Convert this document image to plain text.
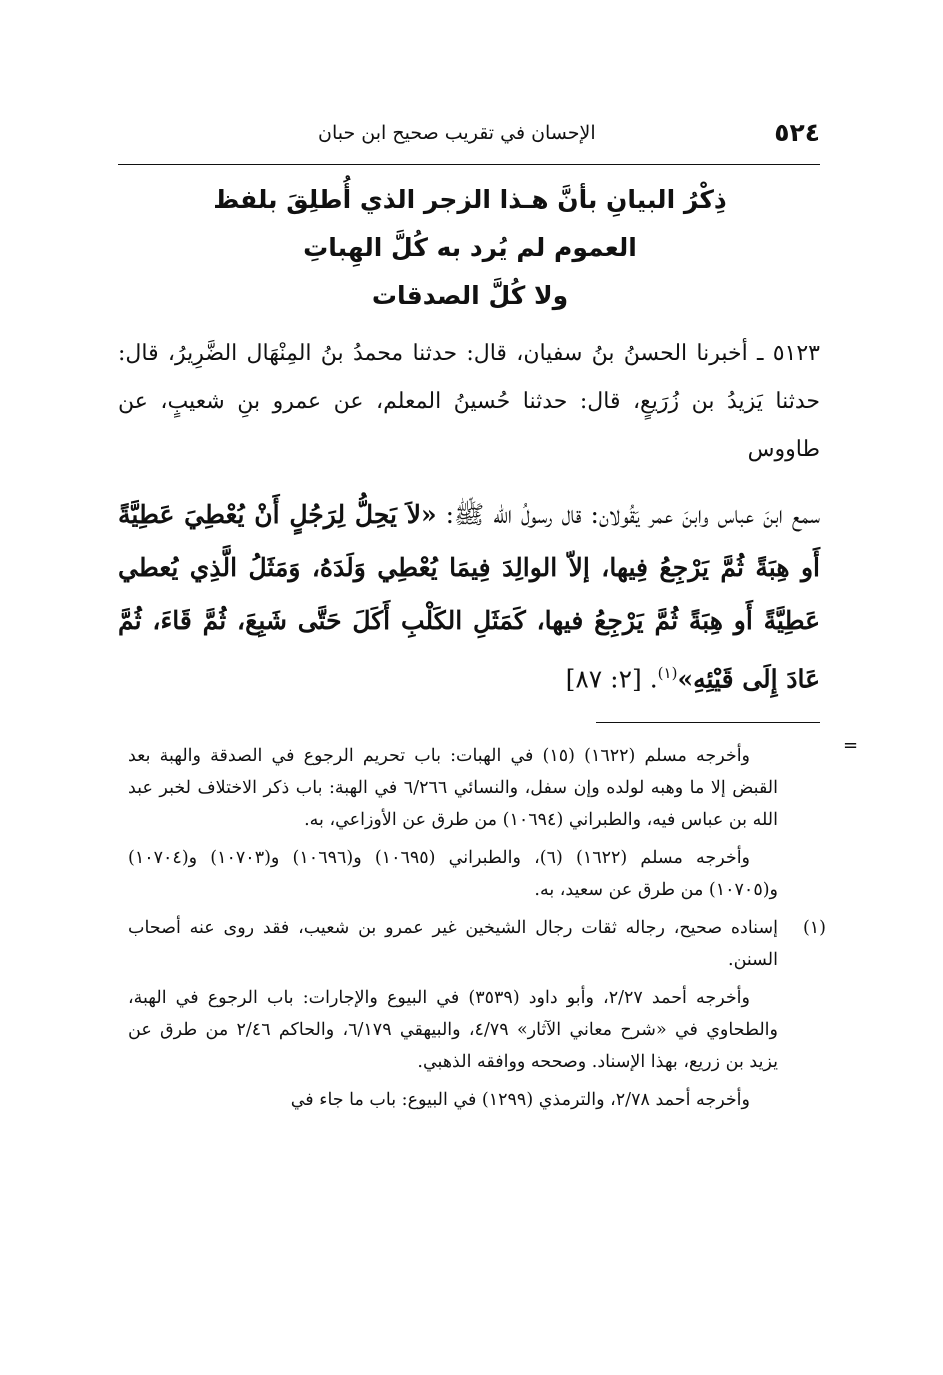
٥٢٤
الإحسان في تقريب صحيح ابن حبان
ذِكْرُ البيانِ بأنَّ هـذا الزجر الذي أُطلِقَ بلفظ
العموم لم يُرد به كُلَّ الهِباتِ
ولا كُلَّ الصدقات
٥١٢٣ ـ أخبرنا الحسنُ بنُ سفيان، قال: حدثنا محمدُ بنُ المِنْهَال الضَّرِيرُ، قال: حدثنا يَزيدُ بن زُرَيعٍ، قال: حدثنا حُسينُ المعلم، عن عمرو بنِ شعيبٍ، عن طاووس
سمع ابنَ عباس وابنَ عمر يَقُولان: قال رسولُ الله ﷺ: «لاَ يَحِلُّ لِرَجُلٍ أَنْ يُعْطِيَ عَطِيَّةً أَو هِبَةً ثُمَّ يَرْجِعُ فِيها، إلاّ الوالِدَ فِيمَا يُعْطِي وَلَدَهُ، وَمَثَلُ الَّذِي يُعطي عَطِيَّةً أَو هِبَةً ثُمَّ يَرْجِعُ فيها، كَمَثَلِ الكَلْبِ أَكَلَ حَتَّى شَبِعَ، ثُمَّ قَاءَ، ثُمَّ عَادَ إِلَى قَيْئِهِ»$^{(١)}$. [٢: ٨٧]
=

وأخرجه مسلم (١٦٢٢) (١٥) في الهبات: باب تحريم الرجوع في الصدقة والهبة بعد القبض إلا ما وهبه لولده وإن سفل، والنسائي ٦/٢٦٦ في الهبة: باب ذكر الاختلاف لخبر عبد الله بن عباس فيه، والطبراني (١٠٦٩٤) من طرق عن الأوزاعي، به.

وأخرجه مسلم (١٦٢٢) (٦)، والطبراني (١٠٦٩٥) و(١٠٦٩٦) و(١٠٧٠٣) و(١٠٧٠٤) و(١٠٧٠٥) من طرق عن سعيد، به.

(١)
إسناده صحيح، رجاله ثقات رجال الشيخين غير عمرو بن شعيب، فقد روى عنه أصحاب السنن.

وأخرجه أحمد ٢/٢٧، وأبو داود (٣٥٣٩) في البيوع والإجارات: باب الرجوع في الهبة، والطحاوي في «شرح معاني الآثار» ٤/٧٩، والبيهقي ٦/١٧٩، والحاكم ٢/٤٦ من طرق عن يزيد بن زريع، بهذا الإسناد. وصححه ووافقه الذهبي.

وأخرجه أحمد ٢/٧٨، والترمذي (١٢٩٩) في البيوع: باب ما جاء في
